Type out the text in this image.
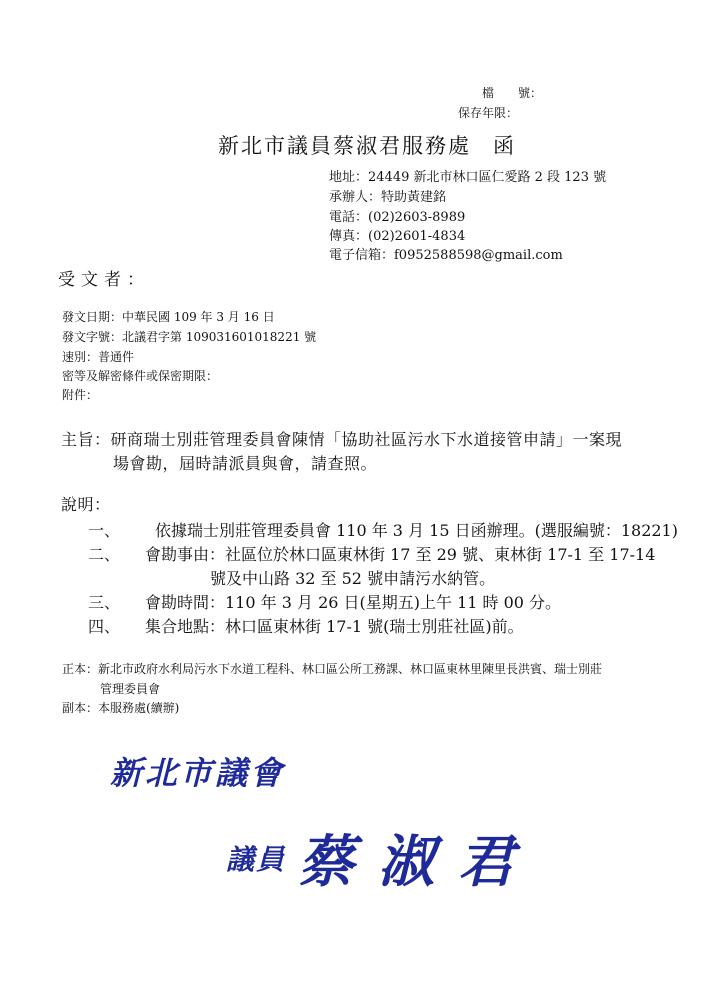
檔　　號：
保存年限：
新北市議員蔡淑君服務處 函
地址：24449 新北市林口區仁愛路 2 段 123 號
承辦人：特助黃建銘
電話：(02)2603-8989
傳真：(02)2601-4834
電子信箱：f0952588598@gmail.com
受文者：
發文日期：中華民國 109 年 3 月 16 日
發文字號：北議君字第 109031601018221 號
速別：普通件
密等及解密條件或保密期限：
附件：
主旨：研商瑞士別莊管理委員會陳情「協助社區污水下水道接管申請」一案現
場會勘，屆時請派員與會，請查照。
說明：
一、 依據瑞士別莊管理委員會 110 年 3 月 15 日函辦理。(選服編號：18221)
二、 會勘事由：社區位於林口區東林街 17 至 29 號、東林街 17-1 至 17-14
號及中山路 32 至 52 號申請污水納管。
三、 會勘時間：110 年 3 月 26 日(星期五)上午 11 時 00 分。
四、 集合地點：林口區東林街 17-1 號(瑞士別莊社區)前。
正本：新北市政府水利局污水下水道工程科、林口區公所工務課、林口區東林里陳里長洪賓、瑞士別莊
管理委員會
副本：本服務處(續辦)
新北市議會
議員 蔡淑君
